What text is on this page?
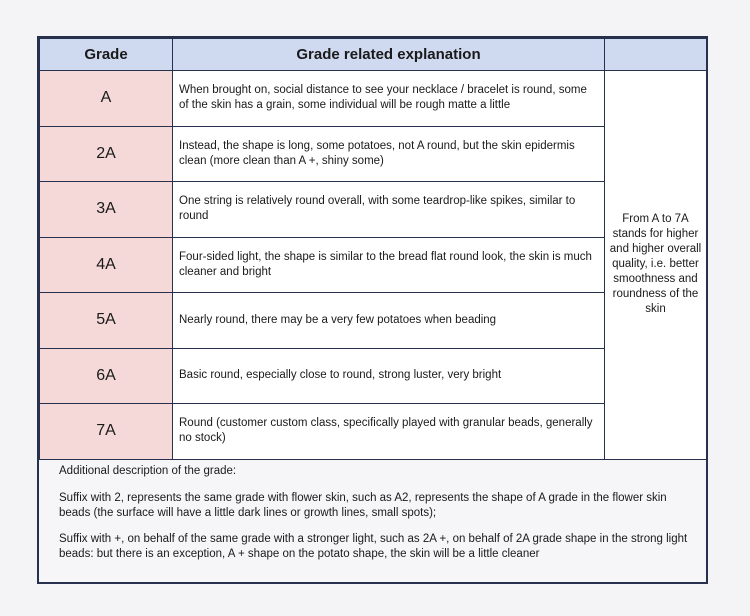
Grade	Grade related explanation	
A	When brought on, social distance to see your necklace / bracelet is round, some of the skin has a grain, some individual will be rough matte a little	From A to 7A stands for higher and higher overall quality, i.e. better smoothness and roundness of the skin
2A	Instead, the shape is long, some potatoes, not A round, but the skin epidermis clean (more clean than A +, shiny some)	
3A	One string is relatively round overall, with some teardrop-like spikes, similar to round	
4A	Four-sided light, the shape is similar to the bread flat round look, the skin is much cleaner and bright	
5A	Nearly round, there may be a very few potatoes when beading	
6A	Basic round, especially close to round, strong luster, very bright	
7A	Round (customer custom class, specifically played with granular beads, generally no stock)	
Additional description of the grade:
Suffix with 2, represents the same grade with flower skin, such as A2, represents the shape of A grade in the flower skin beads (the surface will have a little dark lines or growth lines, small spots);
Suffix with +, on behalf of the same grade with a stronger light, such as 2A +, on behalf of 2A grade shape in the strong light beads: but there is an exception, A + shape on the potato shape, the skin will be a little cleaner
